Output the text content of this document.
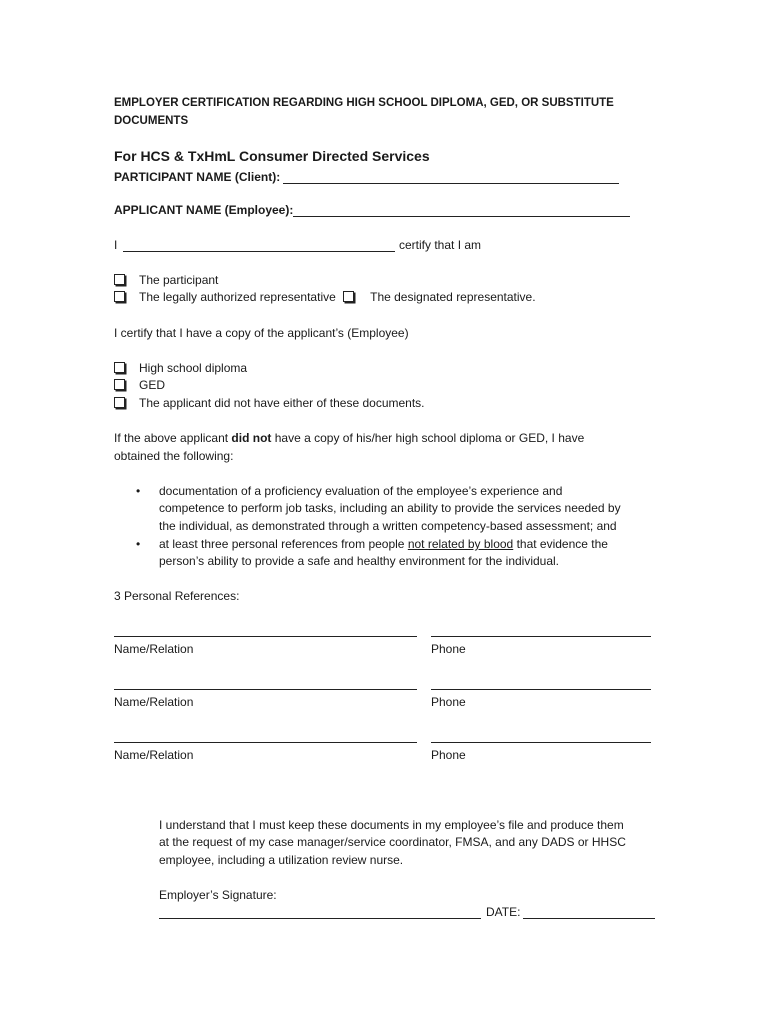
EMPLOYER CERTIFICATION REGARDING HIGH SCHOOL DIPLOMA, GED, OR SUBSTITUTE
DOCUMENTS
For HCS & TxHmL Consumer Directed Services
PARTICIPANT NAME (Client):
APPLICANT NAME (Employee):
I	certify that I am
The participant
The legally authorized representative	The designated representative.
I certify that I have a copy of the applicant’s (Employee)
High school diploma
GED
The applicant did not have either of these documents.
If the above applicant did not have a copy of his/her high school diploma or GED, I have
obtained the following:
• documentation of a proficiency evaluation of the employee’s experience and
competence to perform job tasks, including an ability to provide the services needed by
the individual, as demonstrated through a written competency-based assessment; and
• at least three personal references from people not related by blood that evidence the
person’s ability to provide a safe and healthy environment for the individual.
3 Personal References:
Name/Relation	Phone
Name/Relation	Phone
Name/Relation	Phone
I understand that I must keep these documents in my employee’s file and produce them
at the request of my case manager/service coordinator, FMSA, and any DADS or HHSC
employee, including a utilization review nurse.
Employer’s Signature:
DATE:
